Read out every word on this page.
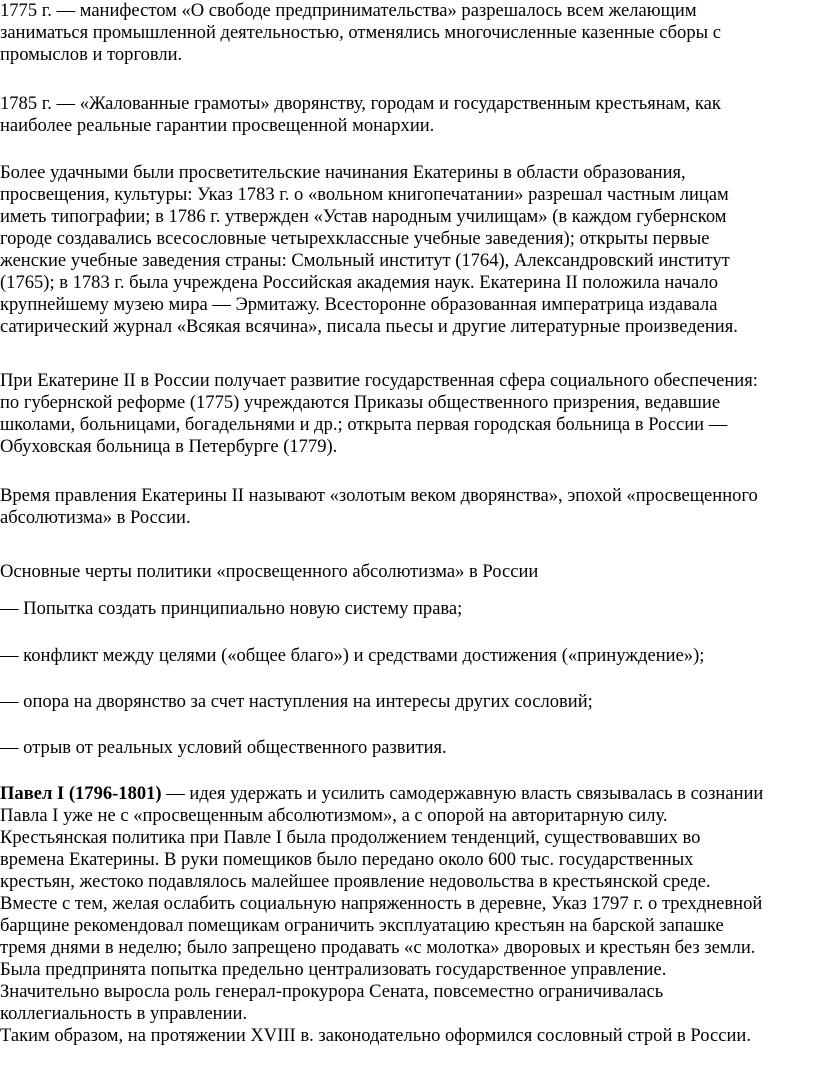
1775 г. — манифестом «О свободе предпринимательства» разрешалось всем желающим
заниматься промышленной деятельностью, отменялись многочисленные казенные сборы с
промыслов и торговли.

1785 г. — «Жалованные грамоты» дворянству, городам и государственным крестьянам, как
наиболее реальные гарантии просвещенной монархии.

Более удачными были просветительские начинания Екатерины в области образования,
просвещения, культуры: Указ 1783 г. о «вольном книгопечатании» разрешал частным лицам
иметь типографии; в 1786 г. утвержден «Устав народным училищам» (в каждом губернском
городе создавались всесословные четырехклассные учебные заведения); открыты первые
женские учебные заведения страны: Смольный институт (1764), Александровский институт
(1765); в 1783 г. была учреждена Российская академия наук. Екатерина II положила начало
крупнейшему музею мира — Эрмитажу. Всесторонне образованная императрица издавала
сатирический журнал «Всякая всячина», писала пьесы и другие литературные произведения.

При Екатерине II в России получает развитие государственная сфера социального обеспечения:
по губернской реформе (1775) учреждаются Приказы общественного призрения, ведавшие
школами, больницами, богадельнями и др.; открыта первая городская больница в России —
Обуховская больница в Петербурге (1779).

Время правления Екатерины II называют «золотым веком дворянства», эпохой «просвещенного
абсолютизма» в России.

Основные черты политики «просвещенного абсолютизма» в России

— Попытка создать принципиально новую систему права;

— конфликт между целями («общее благо») и средствами достижения («принуждение»);

— опора на дворянство за счет наступления на интересы других сословий;

— отрыв от реальных условий общественного развития.

Павел I (1796-1801) — идея удержать и усилить самодержавную власть связывалась в сознании
Павла I уже не с «просвещенным абсолютизмом», а с опорой на авторитарную силу.
Крестьянская политика при Павле I была продолжением тенденций, существовавших во
времена Екатерины. В руки помещиков было передано около 600 тыс. государственных
крестьян, жестоко подавлялось малейшее проявление недовольства в крестьянской среде.
Вместе с тем, желая ослабить социальную напряженность в деревне, Указ 1797 г. о трехдневной
барщине рекомендовал помещикам ограничить эксплуатацию крестьян на барской запашке
тремя днями в неделю; было запрещено продавать «с молотка» дворовых и крестьян без земли.
Была предпринята попытка предельно централизовать государственное управление.
Значительно выросла роль генерал-прокурора Сената, повсеместно ограничивалась
коллегиальность в управлении.
Таким образом, на протяжении XVIII в. законодательно оформился сословный строй в России.
